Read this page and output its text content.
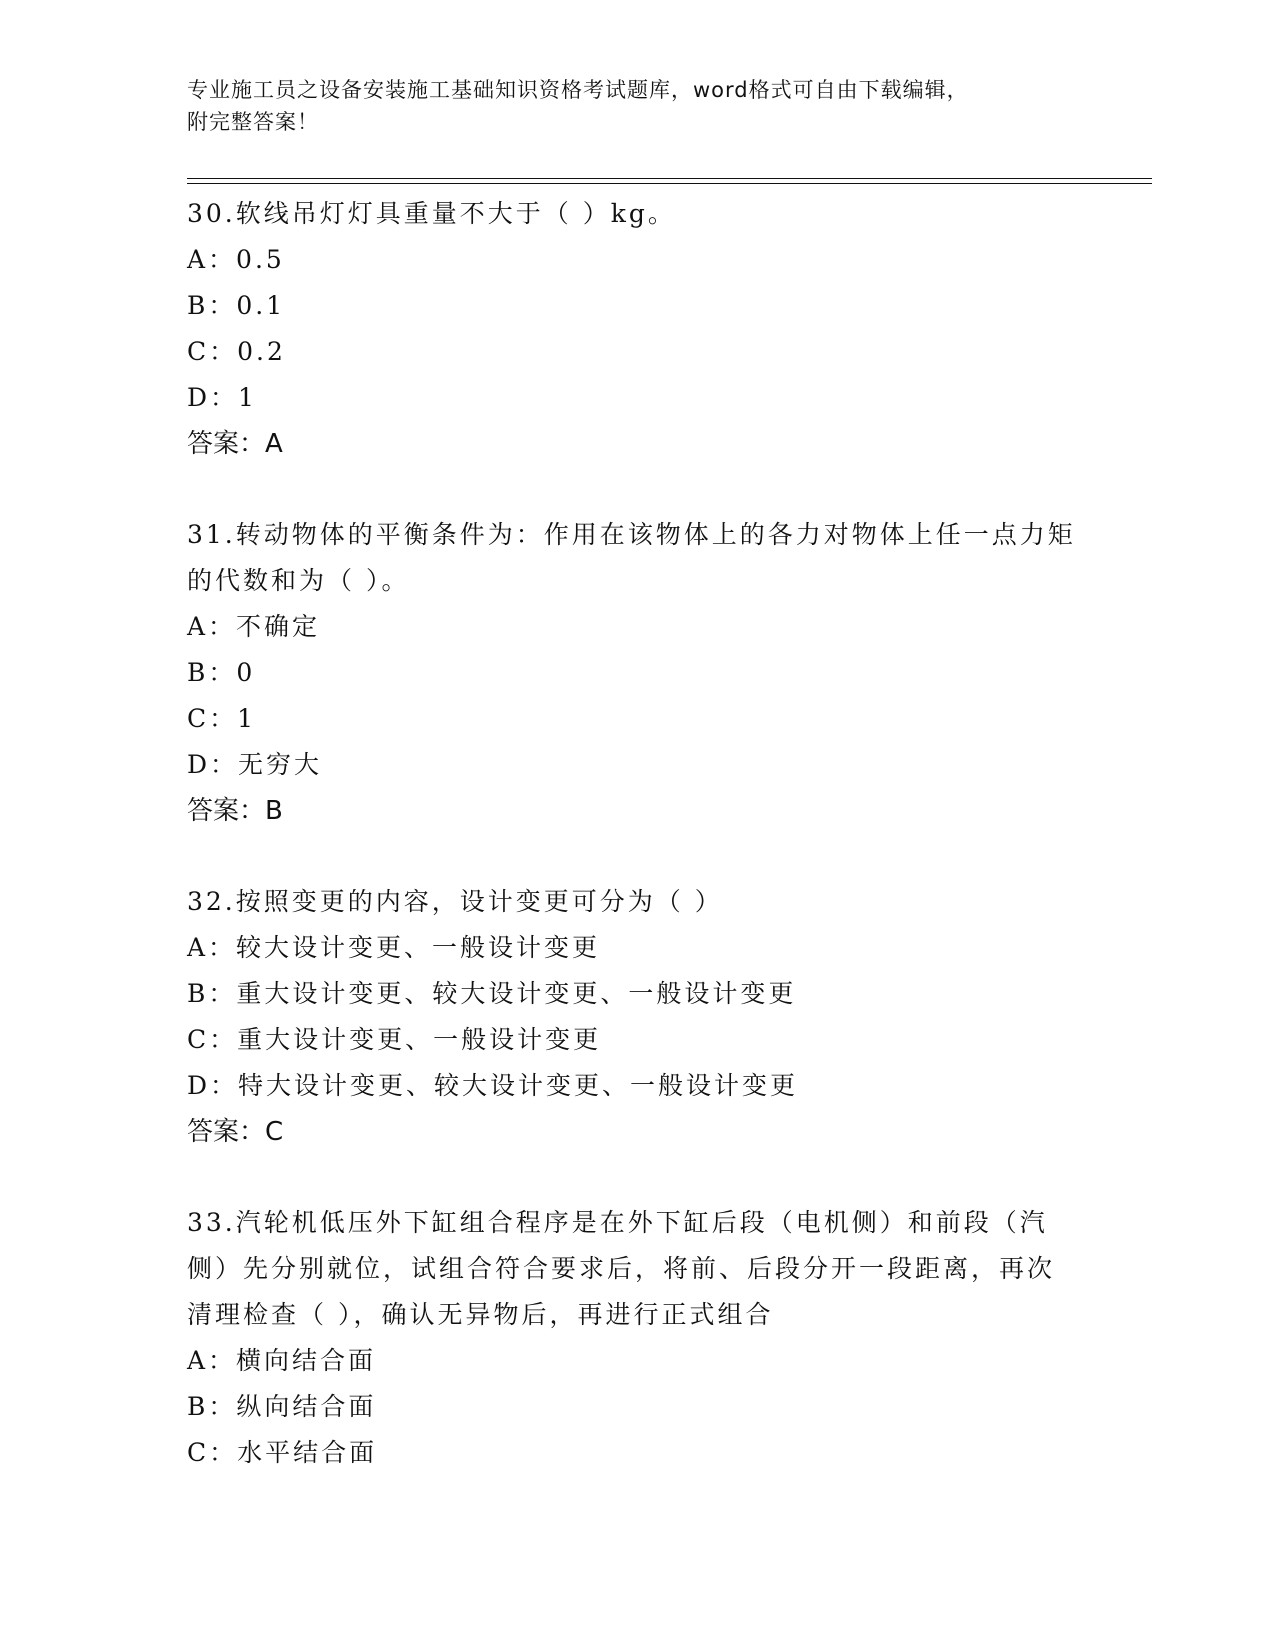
专业施工员之设备安装施工基础知识资格考试题库，word格式可自由下载编辑，
附完整答案！
30.软线吊灯灯具重量不大于（ ）kg。
A：0.5
B：0.1
C：0.2
D：1
答案：A
31.转动物体的平衡条件为：作用在该物体上的各力对物体上任一点力矩的代数和为（ ）。
A：不确定
B：0
C：1
D：无穷大
答案：B
32.按照变更的内容，设计变更可分为（ ）
A：较大设计变更、一般设计变更
B：重大设计变更、较大设计变更、一般设计变更
C：重大设计变更、一般设计变更
D：特大设计变更、较大设计变更、一般设计变更
答案：C
33.汽轮机低压外下缸组合程序是在外下缸后段（电机侧）和前段（汽侧）先分别就位，试组合符合要求后，将前、后段分开一段距离，再次清理检查（ ），确认无异物后，再进行正式组合
A：横向结合面
B：纵向结合面
C：水平结合面
